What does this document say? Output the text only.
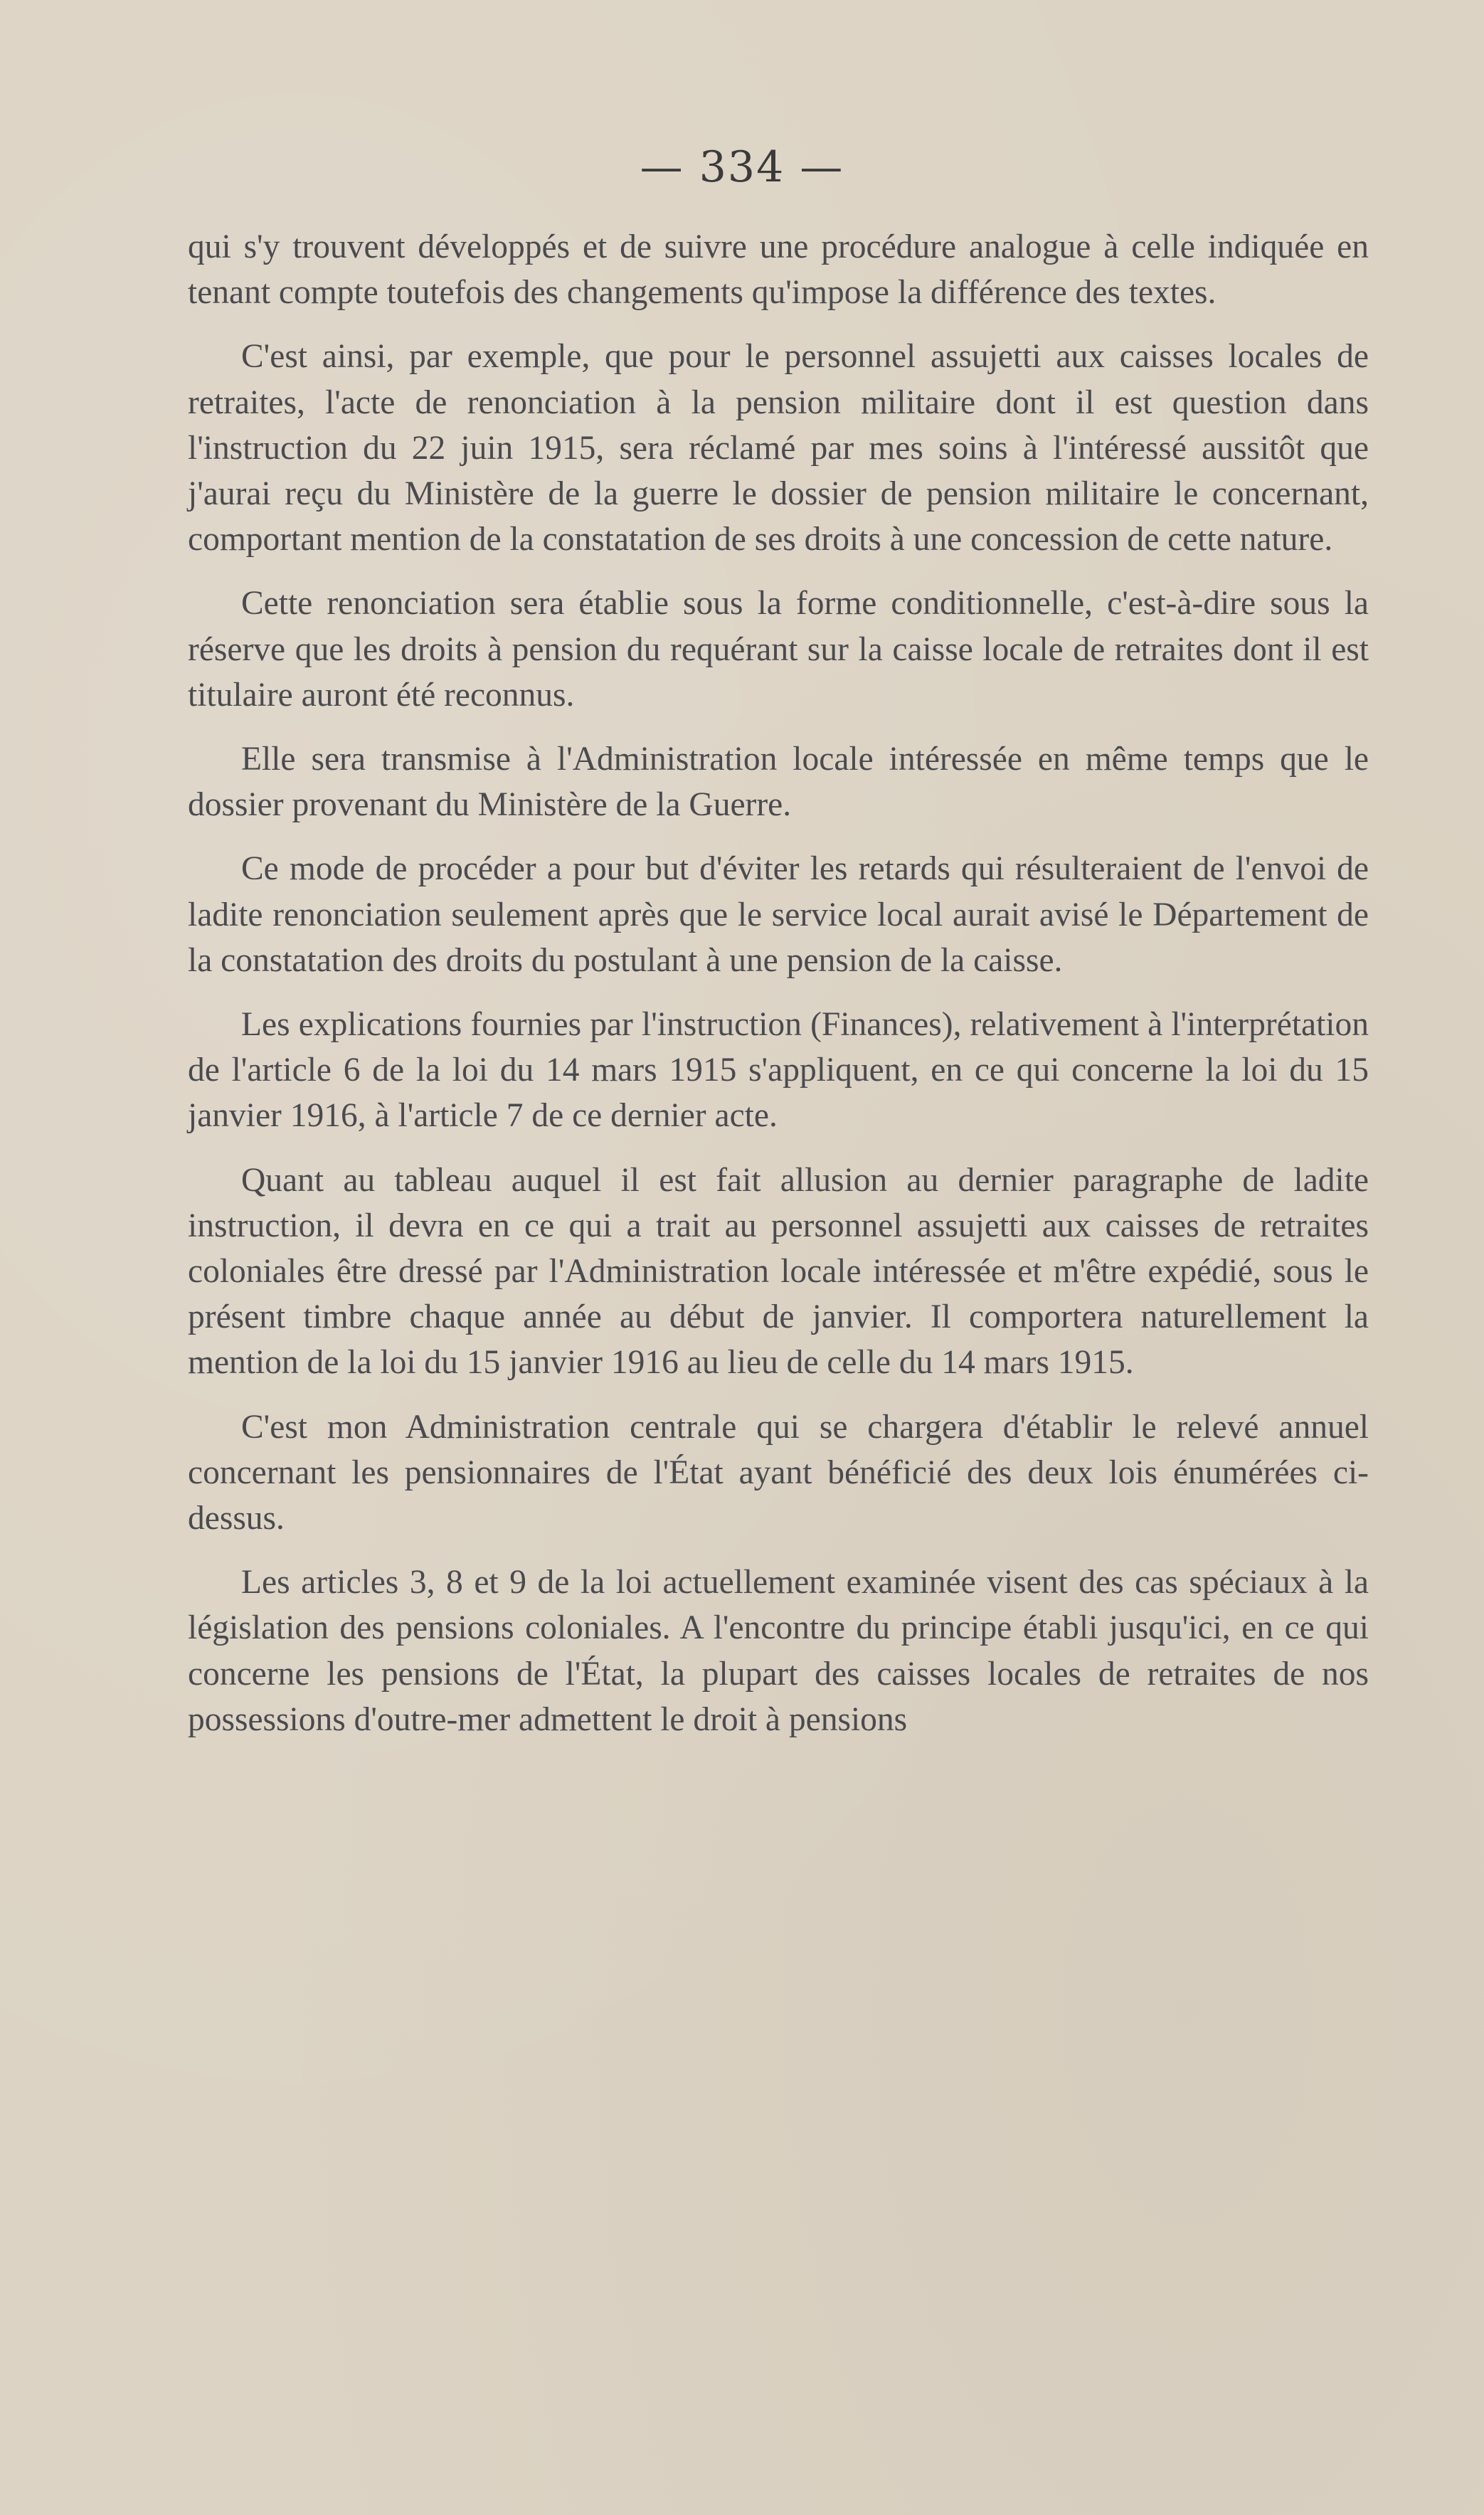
— 334 —

qui s'y trouvent développés et de suivre une procédure analogue à celle indiquée en tenant compte toutefois des changements qu'impose la différence des textes.

C'est ainsi, par exemple, que pour le personnel assujetti aux caisses locales de retraites, l'acte de renonciation à la pension militaire dont il est question dans l'instruction du 22 juin 1915, sera réclamé par mes soins à l'intéressé aussitôt que j'aurai reçu du Ministère de la guerre le dossier de pension militaire le concernant, comportant mention de la constatation de ses droits à une concession de cette nature.

Cette renonciation sera établie sous la forme conditionnelle, c'est-à-dire sous la réserve que les droits à pension du requérant sur la caisse locale de retraites dont il est titulaire auront été reconnus.

Elle sera transmise à l'Administration locale intéressée en même temps que le dossier provenant du Ministère de la Guerre.

Ce mode de procéder a pour but d'éviter les retards qui résulteraient de l'envoi de ladite renonciation seulement après que le service local aurait avisé le Département de la constatation des droits du postulant à une pension de la caisse.

Les explications fournies par l'instruction (Finances), relativement à l'interprétation de l'article 6 de la loi du 14 mars 1915 s'appliquent, en ce qui concerne la loi du 15 janvier 1916, à l'article 7 de ce dernier acte.

Quant au tableau auquel il est fait allusion au dernier paragraphe de ladite instruction, il devra en ce qui a trait au personnel assujetti aux caisses de retraites coloniales être dressé par l'Administration locale intéressée et m'être expédié, sous le présent timbre chaque année au début de janvier. Il comportera naturellement la mention de la loi du 15 janvier 1916 au lieu de celle du 14 mars 1915.

C'est mon Administration centrale qui se chargera d'établir le relevé annuel concernant les pensionnaires de l'État ayant bénéficié des deux lois énumérées ci-dessus.

Les articles 3, 8 et 9 de la loi actuellement examinée visent des cas spéciaux à la législation des pensions coloniales. A l'encontre du principe établi jusqu'ici, en ce qui concerne les pensions de l'État, la plupart des caisses locales de retraites de nos possessions d'outre-mer admettent le droit à pensions
